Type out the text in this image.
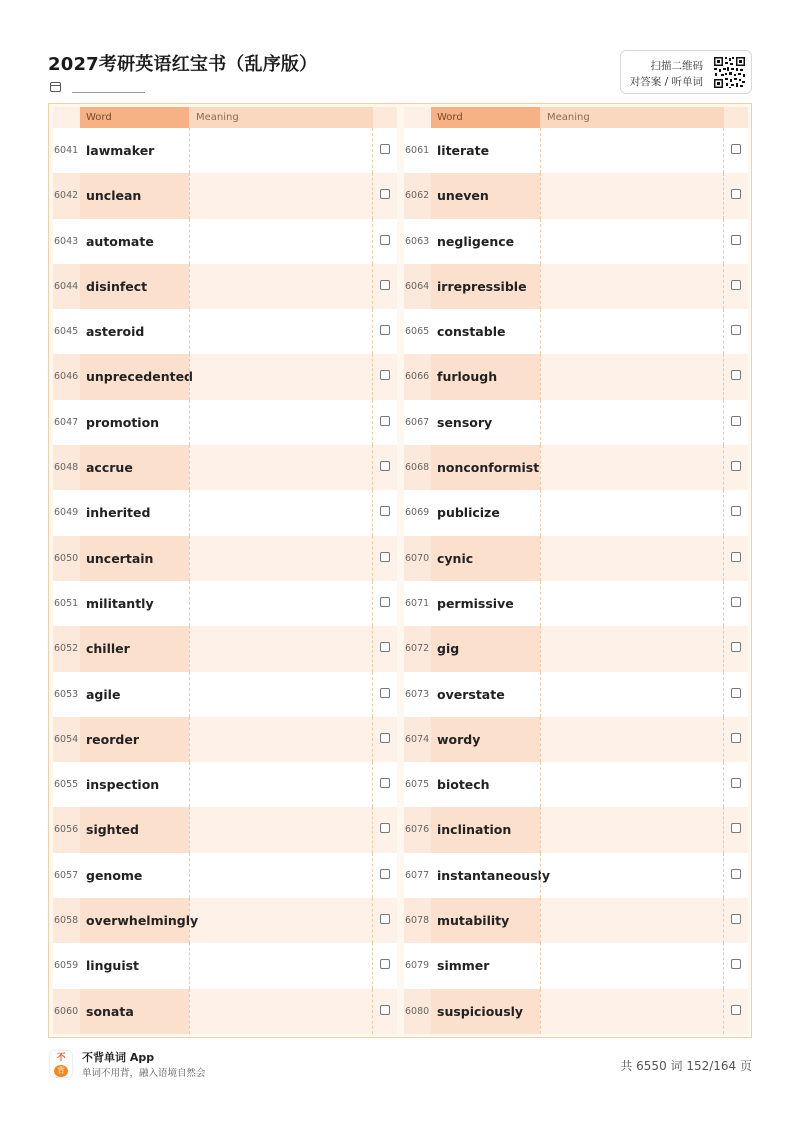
2027考研英语红宝书（乱序版）	扫描二维码
对答案 / 听单词
Word	Meaning
6041 lawmaker
6042 unclean
6043 automate
6044 disinfect
6045 asteroid
6046 unprecedented
6047 promotion
6048 accrue
6049 inherited
6050 uncertain
6051 militantly
6052 chiller
6053 agile
6054 reorder
6055 inspection
6056 sighted
6057 genome
6058 overwhelmingly
6059 linguist
6060 sonata
Word	Meaning
6061 literate
6062 uneven
6063 negligence
6064 irrepressible
6065 constable
6066 furlough
6067 sensory
6068 nonconformist
6069 publicize
6070 cynic
6071 permissive
6072 gig
6073 overstate
6074 wordy
6075 biotech
6076 inclination
6077 instantaneously
6078 mutability
6079 simmer
6080 suspiciously
不
背
不背单词 App
单词不用背，融入语境自然会
共 6550 词 152/164 页
